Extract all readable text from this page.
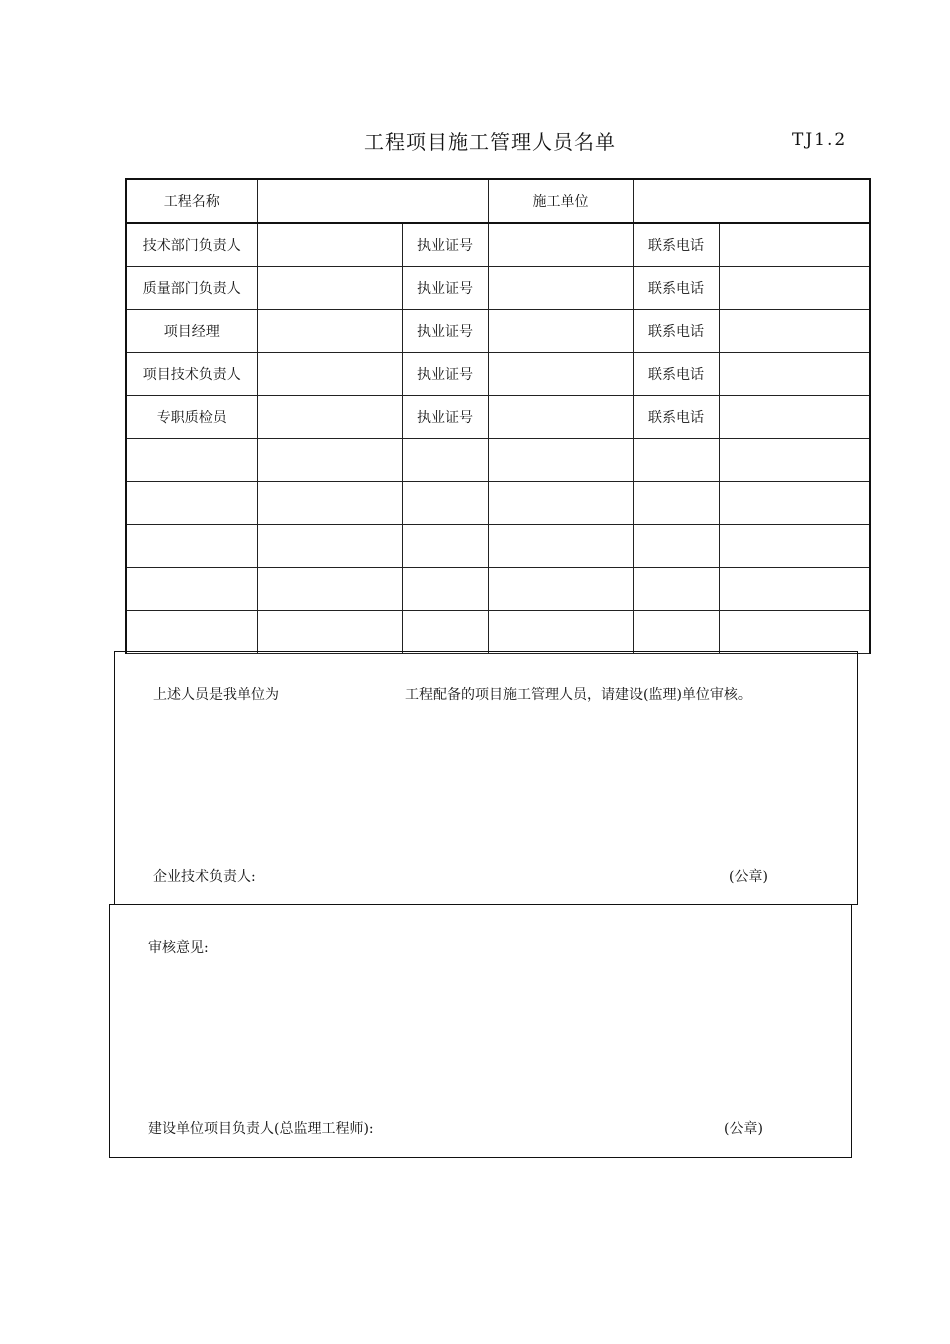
工程项目施工管理人员名单	TJ1.2
工程名称			施工单位		
技术部门负责人		执业证号		联系电话	
质量部门负责人		执业证号		联系电话	
项目经理		执业证号		联系电话	
项目技术负责人		执业证号		联系电话	
专职质检员		执业证号		联系电话	

上述人员是我单位为	工程配备的项目施工管理人员，请建设(监理)单位审核。
企业技术负责人:	(公章)
审核意见:
建设单位项目负责人(总监理工程师):	(公章)
